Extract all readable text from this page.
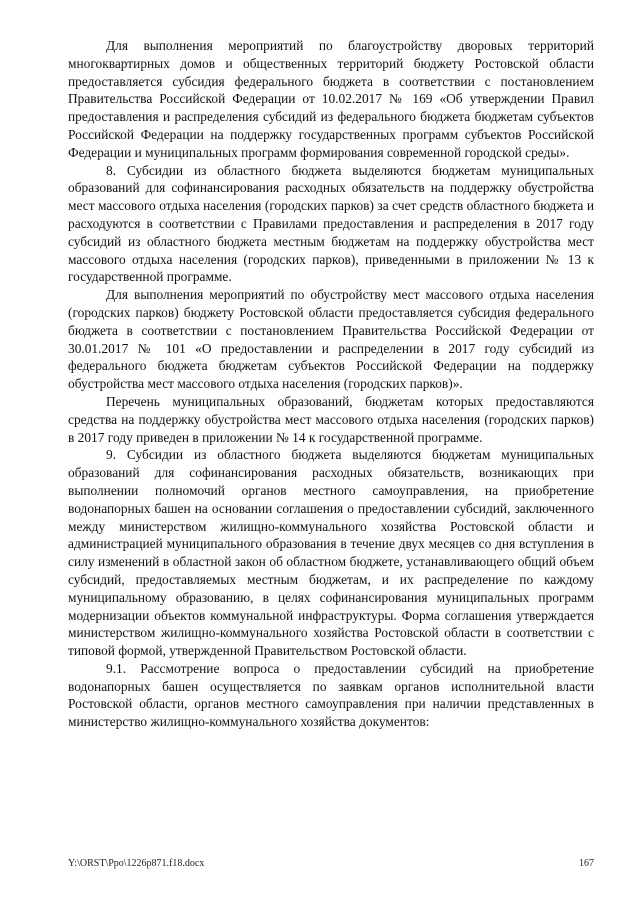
Для выполнения мероприятий по благоустройству дворовых территорий многоквартирных домов и общественных территорий бюджету Ростовской области предоставляется субсидия федерального бюджета в соответствии с постановлением Правительства Российской Федерации от 10.02.2017 № 169 «Об утверждении Правил предоставления и распределения субсидий из федерального бюджета бюджетам субъектов Российской Федерации на поддержку государственных программ субъектов Российской Федерации и муниципальных программ формирования современной городской среды».

8. Субсидии из областного бюджета выделяются бюджетам муниципальных образований для софинансирования расходных обязательств на поддержку обустройства мест массового отдыха населения (городских парков) за счет средств областного бюджета и расходуются в соответствии с Правилами предоставления и распределения в 2017 году субсидий из областного бюджета местным бюджетам на поддержку обустройства мест массового отдыха населения (городских парков), приведенными в приложении № 13 к государственной программе.

Для выполнения мероприятий по обустройству мест массового отдыха населения (городских парков) бюджету Ростовской области предоставляется субсидия федерального бюджета в соответствии с постановлением Правительства Российской Федерации от 30.01.2017 № 101 «О предоставлении и распределении в 2017 году субсидий из федерального бюджета бюджетам субъектов Российской Федерации на поддержку обустройства мест массового отдыха населения (городских парков)».

Перечень муниципальных образований, бюджетам которых предоставляются средства на поддержку обустройства мест массового отдыха населения (городских парков) в 2017 году приведен в приложении № 14 к государственной программе.

9. Субсидии из областного бюджета выделяются бюджетам муниципальных образований для софинансирования расходных обязательств, возникающих при выполнении полномочий органов местного самоуправления, на приобретение водонапорных башен на основании соглашения о предоставлении субсидий, заключенного между министерством жилищно-коммунального хозяйства Ростовской области и администрацией муниципального образования в течение двух месяцев со дня вступления в силу изменений в областной закон об областном бюджете, устанавливающего общий объем субсидий, предоставляемых местным бюджетам, и их распределение по каждому муниципальному образованию, в целях софинансирования муниципальных программ модернизации объектов коммунальной инфраструктуры. Форма соглашения утверждается министерством жилищно-коммунального хозяйства Ростовской области в соответствии с типовой формой, утвержденной Правительством Ростовской области.

9.1. Рассмотрение вопроса о предоставлении субсидий на приобретение водонапорных башен осуществляется по заявкам органов исполнительной власти Ростовской области, органов местного самоуправления при наличии представленных в министерство жилищно-коммунального хозяйства документов:

Y:\ORST\Ppo\1226p871.f18.docx	167
